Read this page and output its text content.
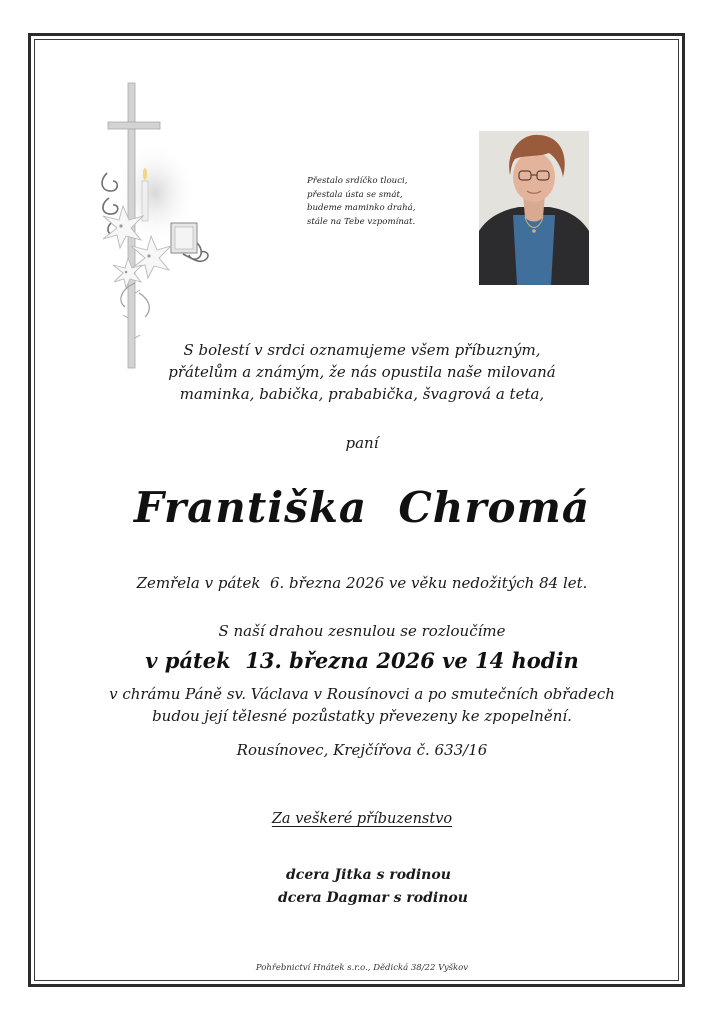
Přestalo srdíčko tlouci,
přestala ústa se smát,
budeme maminko drahá,
stále na Tebe vzpomínat.
S bolestí v srdci oznamujeme všem příbuzným,
přátelům a známým, že nás opustila naše milovaná
maminka, babička, prababička, švagrová a teta,
paní
Františka  Chromá
Zemřela v pátek  6. března 2026 ve věku nedožitých 84 let.
S naší drahou zesnulou se rozloučíme
v pátek  13. března 2026 ve 14 hodin
v chrámu Páně sv. Václava v Rousínovci a po smutečních obřadech
budou její tělesné pozůstatky převezeny ke zpopelnění.
Rousínovec, Krejčířova č. 633/16
Za veškeré příbuzenstvo
dcera Jitka s rodinou
dcera Dagmar s rodinou
Pohřebnictví Hnátek s.r.o., Dědická 38/22 Vyškov
